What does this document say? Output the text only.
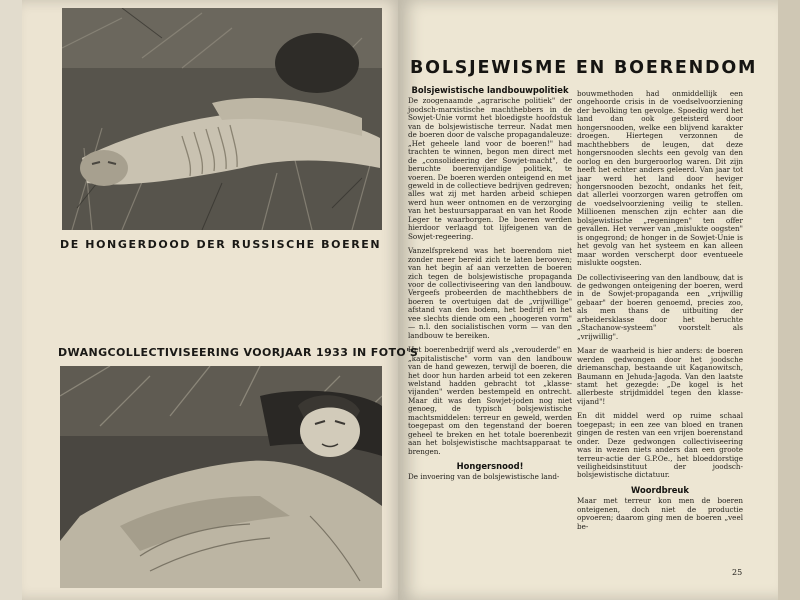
DE HONGERDOOD DER RUSSISCHE BOEREN
DWANGCOLLECTIVISEERING VOORJAAR 1933 IN FOTO'S
BOLSJEWISME EN BOERENDOM
Bolsjewistische landbouwpolitiek

De zoogenaamde „agrarische politiek" der joodsch-marxistische machthebbers in de Sowjet-Unie vormt het bloedigste hoofdstuk van de bolsjewistische terreur. Nadat men de boeren door de valsche propagandaleuze: „Het geheele land voor de boeren!" had trachten te winnen, begon men direct met de „consolideering der Sowjet-macht", de beruchte boerenvijandige politiek, te voeren. De boeren werden onteigend en met geweld in de collectieve bedrijven gedreven; alles wat zij met harden arbeid schiepen werd hun weer ontnomen en de verzorging van het bestuursapparaat en van het Roode Leger te waarborgen. De boeren werden hierdoor verlaagd tot lijfeigenen van de Sowjet-regeering.

Vanzelfsprekend was het boerendom niet zonder meer bereid zich te laten berooven; van het begin af aan verzetten de boeren zich tegen de bolsjewistische propaganda voor de collectiviseering van den landbouw. Vergeefs probeerden de machthebbers de boeren te overtuigen dat de „vrijwillige" afstand van den bodem, het bedrijf en het vee slechts diende om een „hoogeren vorm" — n.l. den socialistischen vorm — van den landbouw te bereiken.

Het boerenbedrijf werd als „verouderde" en „kapitalistische" vorm van den landbouw van de hand gewezen, terwijl de boeren, die het door hun harden arbeid tot een zekeren welstand hadden gebracht tot „klasse-vijanden" werden bestempeld en ontrecht. Maar dit was den Sowjet-joden nog niet genoeg, de typisch bolsjewistische machtsmiddelen: terreur en geweld, werden toegepast om den tegenstand der boeren geheel te breken en het totale boerenbezit aan het bolsjewistische machtsapparaat te brengen.

Hongersnood!

De invoering van de bolsjewistische land-

bouwmethoden had onmiddellijk een ongehoorde crisis in de voedselvoorziening der bevolking ten gevolge. Spoedig werd het land dan ook geteisterd door hongersnooden, welke een blijvend karakter droegen. Hiertegen verzonnen de machthebbers de leugen, dat deze hongersnooden slechts een gevolg van den oorlog en den burgeroorlog waren. Dit zijn heeft het echter anders geleerd. Van jaar tot jaar werd het land door heviger hongersnooden bezocht, ondanks het feit, dat allerlei voorzorgen waren getroffen om de voedselvoorziening veilig te stellen. Millioenen menschen zijn echter aan die bolsjewistische „regeningen" ten offer gevallen. Het verwer van „mislukte oogsten" is ongegrond; de honger in de Sowjet-Unie is het gevolg van het systeem en kan alleen maar worden verscherpt door eventueele mislukte oogsten.

De collectiviseering van den landbouw, dat is de gedwongen onteigening der boeren, werd in de Sowjet-propaganda een „vrijwillig gebaar" der boeren genoemd, precies zoo, als men thans de uitbuiting der arbeidersklasse door het beruchte „Stachanow-systeem" voorstelt als „vrijwillig".

Maar de waarheid is hier anders: de boeren werden gedwongen door het joodsche driemanschap, bestaande uit Kaganowitsch, Baumann en Jehuda-Jagoda. Van den laatste stamt het gezegde: „De kogel is het allerbeste strijdmiddel tegen den klasse-vijand"!

En dit middel werd op ruime schaal toegepast; in een zee van bloed en tranen gingen de resten van een vrijen boerenstand onder. Deze gedwongen collectiviseering was in wezen niets anders dan een groote terreur-actie der G.P.Oe., het bloeddorstige veiligheidsinstituut der joodsch-bolsjewistische dictatuur.

Woordbreuk

Maar met terreur kon men de boeren onteigenen, doch niet de productie opvoeren; daarom ging men de boeren „veel be-

25
